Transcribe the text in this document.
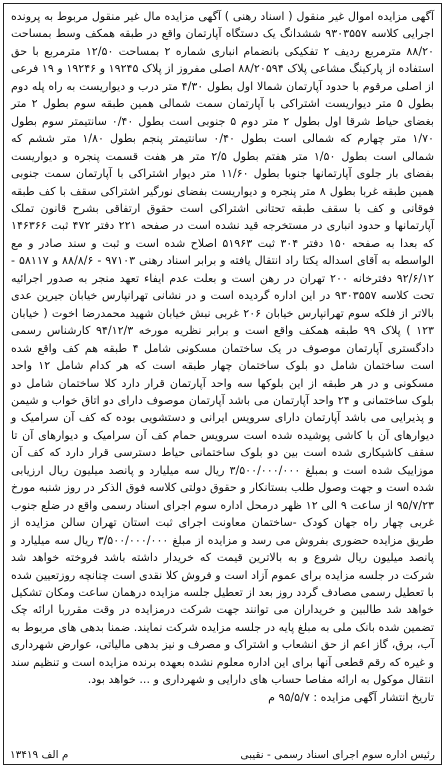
آگهی مزایده اموال غیر منقول ( اسناد رهنی ) آگهی مزایده مال غیر منقول مربوط به پرونده اجرایی کلاسه ۹۳۰۳۵۵۷ ششدانگ یک دستگاه آپارتمان واقع در طبقه همکف وسط بمساحت ۸۸/۲۰ مترمربع ردیف ۲ تفکیکی بانضمام انباری شماره ۲ بمساحت ۱۲/۵۰ مترمربع با حق استفاده از پارکینگ مشاعی پلاک ۸۸/۲۰۵۹۴ اصلی مفروز از پلاک ۱۹۲۴۵ و ۱۹۲۴۶ و ۱۹ فرعی از اصلی مرقوم با حدود آپارتمان شمالا اول بطول ۴/۳۰ متر درب و دیواریست به راه پله دوم بطول ۵ متر دیواریست اشتراکی با آپارتمان سمت شمالی همین طبقه سوم بطول ۲ متر بغضای حیاط شرقا اول بطول ۲ متر دوم ۵ جنوبی است بطول ۰/۴۰ سانتیمتر سوم بطول ۱/۷۰ متر چهارم که شمالی است بطول ۰/۴۰ سانتیمتر پنجم بطول ۱/۸۰ متر ششم که شمالی است بطول ۱/۵۰ متر هفتم بطول ۲/۵ متر هر هفت قسمت پنجره و دیواریست بفضای بار جلوی آپارتمانها جنوبا بطول ۱۱/۶۰ متر دیوار اشتراکی با آپارتمان سمت جنوبی همین طبقه غربا بطول ۸ متر پنجره و دیواریست بفضای نورگیر اشتراکی سقف با کف طبقه فوقانی و کف با سقف طبقه تحتانی اشتراکی است حقوق ارتفاقی بشرح قانون تملک آپارتمانها و حدود انباری در مستخرجه قید نشده است در صفحه ۲۲۱ دفتر ۴۷۲ ثبت ۱۴۶۳۶۶ که بعدا به صفحه ۱۵۰ دفتر ۳۰۴ ثبت ۵۱۹۶۳ اصلاح شده است و ثبت و سند صادر و مع الواسطه به آقای اسداله یکتا راد انتقال یافته و برابر اسناد رهنی ۹۷۱۰۳ - ۸۸/۸/۶ و ۵۸۱۱۷ - ۹۲/۶/۱۲ دفترخانه ۲۰۰ تهران در رهن است و بعلت عدم ایفاء تعهد منجر به صدور اجرائیه تحت کلاسه ۹۳۰۳۵۵۷ در این اداره گردیده است و در نشانی تهرانپارس خیابان جیرین عدی بالاتر از فلکه سوم تهرانپارس خیابان ۲۰۶ غربی نبش خیابان شهید محمدرضا اخوت ( خیابان ۱۲۳ ) پلاک ۹۹ طبقه همکف واقع است و برابر نظریه مورخه ۹۴/۱۲/۳ کارشناس رسمی دادگستری آپارتمان موصوف در یک ساختمان مسکونی شامل ۴ طبقه هم کف واقع شده است ساختمان شامل دو بلوک ساختمان چهار طبقه است که هر کدام شامل ۱۲ واحد مسکونی و در هر طبقه از این بلوکها سه واحد آپارتمان قرار دارد کلا ساختمان شامل دو بلوک ساختمانی و ۲۴ واحد آپارتمان می باشد آپارتمان موصوف دارای دو اتاق خواب و شیمن و پذیرایی می باشد آپارتمان دارای سرویس ایرانی و دستشویی بوده که کف آن سرامیک و دیوارهای آن با کاشی پوشیده شده است سرویس حمام کف آن سرامیک و دیوارهای آن تا سقف کاشیکاری شده است بین دو بلوک ساختمانی حیاط دسترسی قرار دارد که کف آن موزاییک شده است و بمبلغ ۳/۵۰۰/۰۰۰/۰۰۰ ریال سه میلیارد و پانصد میلیون ریال ارزیابی شده است و جهت وصول طلب بستانکار و حقوق دولتی کلاسه فوق الذکر در روز شنبه مورخ ۹۵/۷/۲۳ از ساعت ۹ الی ۱۲ ظهر درمحل اداره سوم اجرای اسناد رسمی واقع در ضلع جنوب غربی چهار راه جهان کودک -ساختمان معاونت اجرای ثبت استان تهران سالن مزایده از طریق مزایده حضوری بفروش می رسد و مزایده از مبلغ ۳/۵۰۰/۰۰۰/۰۰۰ ریال سه میلیارد و پانصد میلیون ریال شروع و به بالاترین قیمت که خریدار داشته باشد فروخته خواهد شد شرکت در جلسه مزایده برای عموم آزاد است و فروش کلا نقدی است چنانچه روزتعیین شده با تعطیل رسمی مصادف گردد روز بعد از تعطیل جلسه مزایده درهمان ساعت ومکان تشکیل خواهد شد طالبین و خریداران می توانند جهت شرکت درمزایده در وقت مقرربا ارائه چک تضمین شده بانک ملی به مبلغ پایه در جلسه مزایده شرکت نمایند. ضمنا بدهی های مربوط به آب، برق، گاز اعم از حق انشعاب و اشتراک و مصرف و نیز بدهی مالیاتی، عوارض شهرداری و غیره که رقم قطعی آنها برای این اداره معلوم نشده بعهده برنده مزایده است و تنظیم سند انتقال موکول به ارائه مفاصا حساب های دارایی و شهرداری و ... خواهد بود.

تاریخ انتشار آگهی مزایده : ۹۵/۵/۷ م

م الف ۱۳۴۱۹	رئیس اداره سوم اجرای اسناد رسمی - نقیبی
